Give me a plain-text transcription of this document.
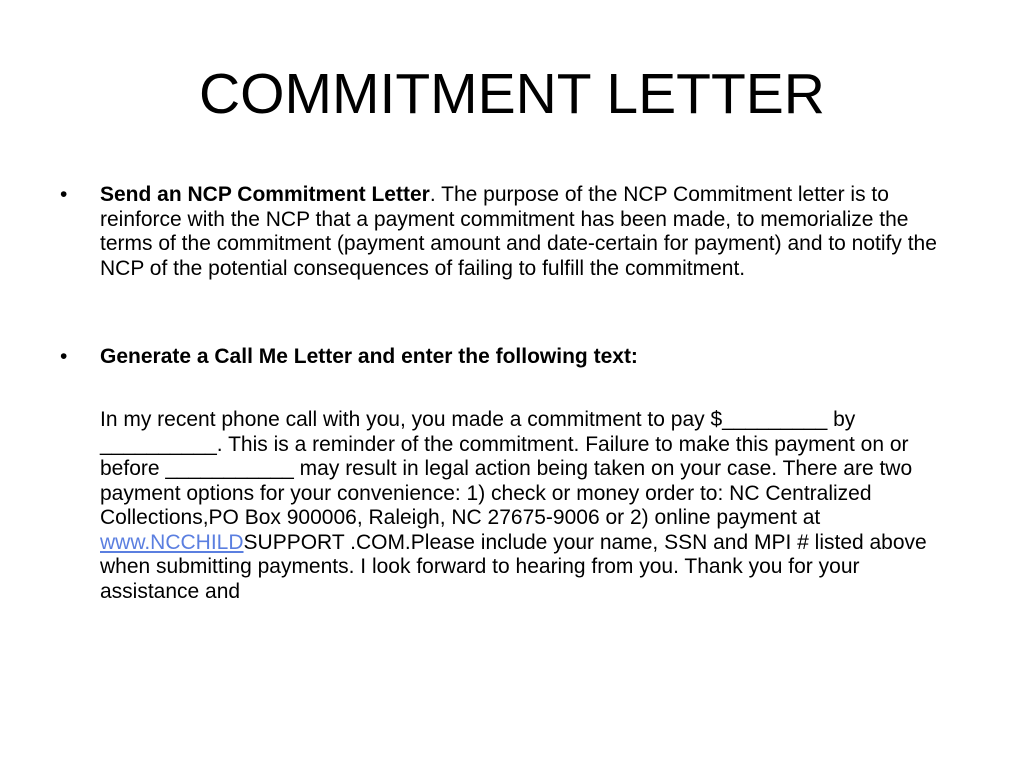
COMMITMENT LETTER
• Send an NCP Commitment Letter. The purpose of the NCP Commitment letter is to reinforce with the NCP that a payment commitment has been made, to memorialize the terms of the commitment (payment amount and date-certain for payment) and to notify the NCP of the potential consequences of failing to fulfill the commitment.
• Generate a Call Me Letter and enter the following text:
In my recent phone call with you, you made a commitment to pay $_________ by __________. This is a reminder of the commitment. Failure to make this payment on or before ___________ may result in legal action being taken on your case. There are two payment options for your convenience: 1) check or money order to: NC Centralized Collections,PO Box 900006, Raleigh, NC 27675-9006 or 2) online payment at www.NCCHILDSUPPORT .COM.Please include your name, SSN and MPI # listed above when submitting payments. I look forward to hearing from you. Thank you for your assistance and
